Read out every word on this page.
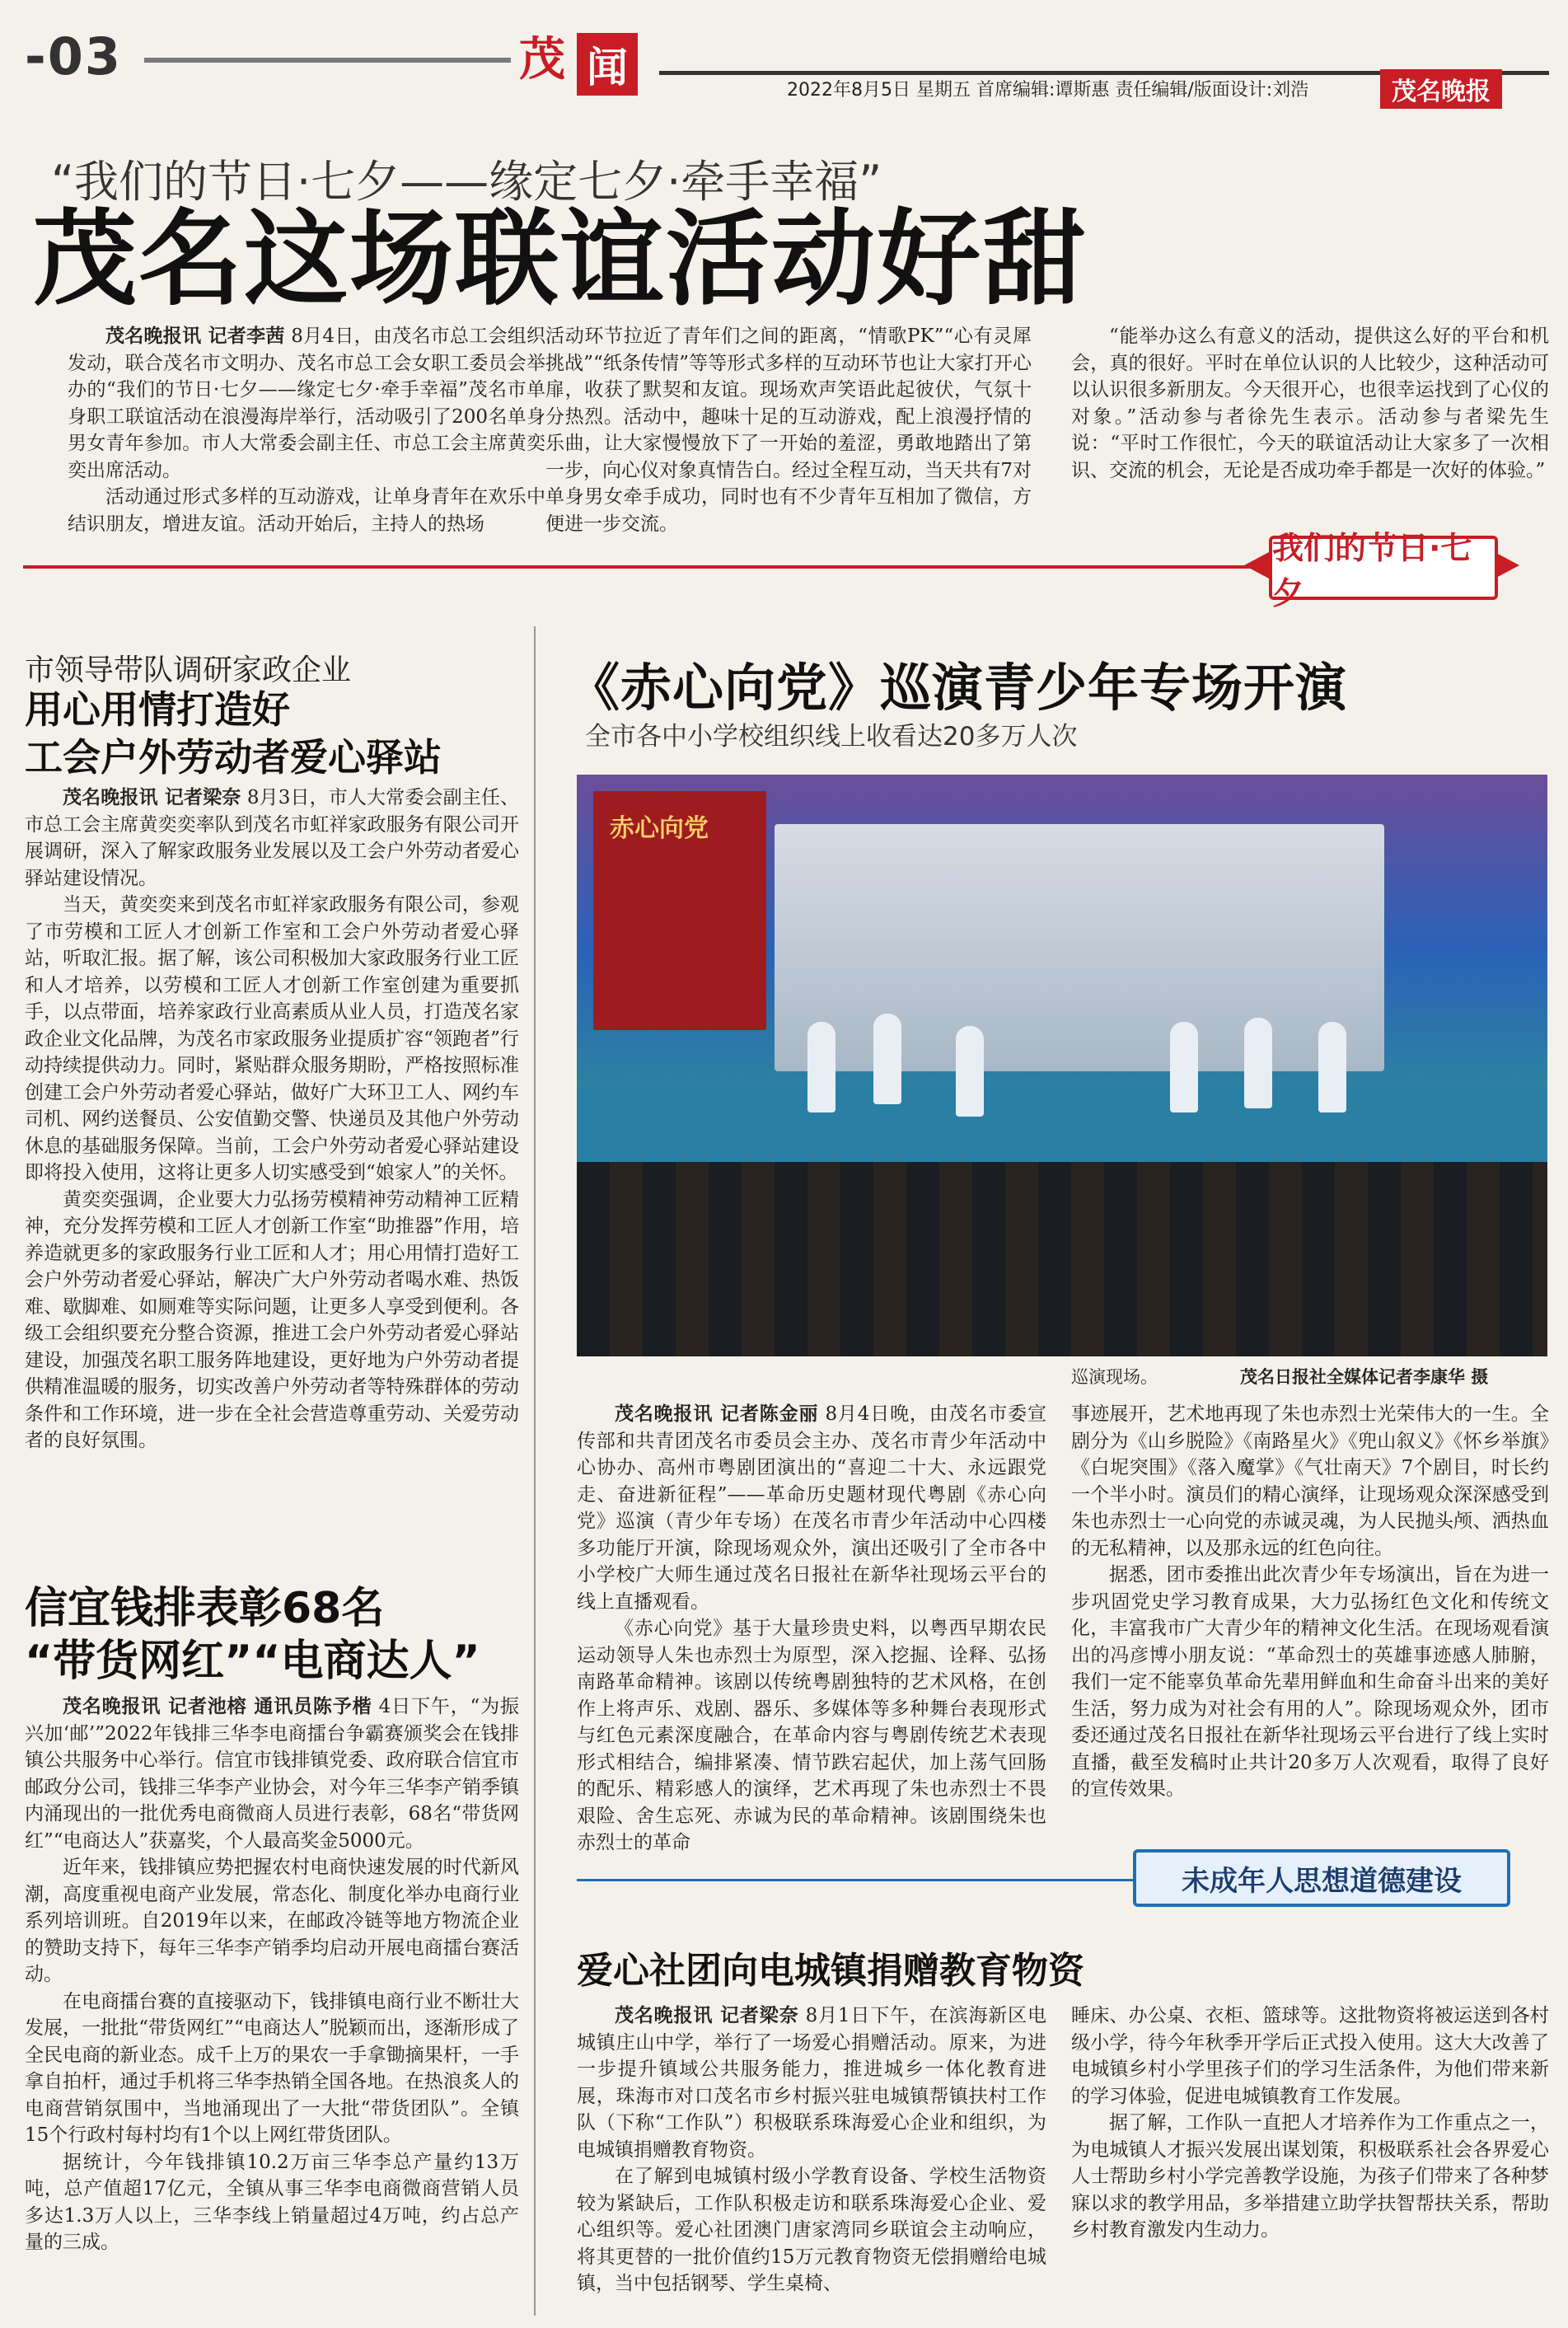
-03	茂 闻	2022年8月5日 星期五 首席编辑:谭斯惠 责任编辑/版面设计:刘浩	茂名晚报
“我们的节日·七夕——缘定七夕·牵手幸福”
茂名这场联谊活动好甜

茂名晚报讯 记者李茜 8月4日，由茂名市总工会组织发动，联合茂名市文明办、茂名市总工会女职工委员会举办的“我们的节日·七夕——缘定七夕·牵手幸福”茂名市单身职工联谊活动在浪漫海岸举行，活动吸引了200名单身男女青年参加。市人大常委会副主任、市总工会主席黄奕奕出席活动。

活动通过形式多样的互动游戏，让单身青年在欢乐中结识朋友，增进友谊。活动开始后，主持人的热场

活动环节拉近了青年们之间的距离，“情歌PK”“心有灵犀挑战”“纸条传情”等等形式多样的互动环节也让大家打开心扉，收获了默契和友谊。现场欢声笑语此起彼伏，气氛十分热烈。活动中，趣味十足的互动游戏，配上浪漫抒情的乐曲，让大家慢慢放下了一开始的羞涩，勇敢地踏出了第一步，向心仪对象真情告白。经过全程互动，当天共有7对单身男女牵手成功，同时也有不少青年互相加了微信，方便进一步交流。

“能举办这么有意义的活动，提供这么好的平台和机会，真的很好。平时在单位认识的人比较少，这种活动可以认识很多新朋友。今天很开心，也很幸运找到了心仪的对象。”活动参与者徐先生表示。活动参与者梁先生说：“平时工作很忙，今天的联谊活动让大家多了一次相识、交流的机会，无论是否成功牵手都是一次好的体验。”

我们的节日·七夕
市领导带队调研家政企业
用心用情打造好
工会户外劳动者爱心驿站

茂名晚报讯 记者梁奈 8月3日，市人大常委会副主任、市总工会主席黄奕奕率队到茂名市虹祥家政服务有限公司开展调研，深入了解家政服务业发展以及工会户外劳动者爱心驿站建设情况。

当天，黄奕奕来到茂名市虹祥家政服务有限公司，参观了市劳模和工匠人才创新工作室和工会户外劳动者爱心驿站，听取汇报。据了解，该公司积极加大家政服务行业工匠和人才培养，以劳模和工匠人才创新工作室创建为重要抓手，以点带面，培养家政行业高素质从业人员，打造茂名家政企业文化品牌，为茂名市家政服务业提质扩容“领跑者”行动持续提供动力。同时，紧贴群众服务期盼，严格按照标准创建工会户外劳动者爱心驿站，做好广大环卫工人、网约车司机、网约送餐员、公安值勤交警、快递员及其他户外劳动休息的基础服务保障。当前，工会户外劳动者爱心驿站建设即将投入使用，这将让更多人切实感受到“娘家人”的关怀。

黄奕奕强调，企业要大力弘扬劳模精神劳动精神工匠精神，充分发挥劳模和工匠人才创新工作室“助推器”作用，培养造就更多的家政服务行业工匠和人才；用心用情打造好工会户外劳动者爱心驿站，解决广大户外劳动者喝水难、热饭难、歇脚难、如厕难等实际问题，让更多人享受到便利。各级工会组织要充分整合资源，推进工会户外劳动者爱心驿站建设，加强茂名职工服务阵地建设，更好地为户外劳动者提供精准温暖的服务，切实改善户外劳动者等特殊群体的劳动条件和工作环境，进一步在全社会营造尊重劳动、关爱劳动者的良好氛围。

信宜钱排表彰68名
“带货网红”“电商达人”

茂名晚报讯 记者池榕 通讯员陈予楷 4日下午，“为振兴加‘邮’”2022年钱排三华李电商擂台争霸赛颁奖会在钱排镇公共服务中心举行。信宜市钱排镇党委、政府联合信宜市邮政分公司，钱排三华李产业协会，对今年三华李产销季镇内涌现出的一批优秀电商微商人员进行表彰，68名“带货网红”“电商达人”获嘉奖，个人最高奖金5000元。

近年来，钱排镇应势把握农村电商快速发展的时代新风潮，高度重视电商产业发展，常态化、制度化举办电商行业系列培训班。自2019年以来，在邮政冷链等地方物流企业的赞助支持下，每年三华李产销季均启动开展电商擂台赛活动。

在电商擂台赛的直接驱动下，钱排镇电商行业不断壮大发展，一批批“带货网红”“电商达人”脱颖而出，逐渐形成了全民电商的新业态。成千上万的果农一手拿锄摘果杆，一手拿自拍杆，通过手机将三华李热销全国各地。在热浪炙人的电商营销氛围中，当地涌现出了一大批“带货团队”。全镇15个行政村每村均有1个以上网红带货团队。

据统计，今年钱排镇10.2万亩三华李总产量约13万吨，总产值超17亿元，全镇从事三华李电商微商营销人员多达1.3万人以上，三华李线上销量超过4万吨，约占总产量的三成。

《赤心向党》巡演青少年专场开演
全市各中小学校组织线上收看达20多万人次
赤心向党
巡演现场。	茂名日报社全媒体记者李康华 摄

茂名晚报讯 记者陈金丽 8月4日晚，由茂名市委宣传部和共青团茂名市委员会主办、茂名市青少年活动中心协办、高州市粤剧团演出的“喜迎二十大、永远跟党走、奋进新征程”——革命历史题材现代粤剧《赤心向党》巡演（青少年专场）在茂名市青少年活动中心四楼多功能厅开演，除现场观众外，演出还吸引了全市各中小学校广大师生通过茂名日报社在新华社现场云平台的线上直播观看。

《赤心向党》基于大量珍贵史料，以粤西早期农民运动领导人朱也赤烈士为原型，深入挖掘、诠释、弘扬南路革命精神。该剧以传统粤剧独特的艺术风格，在创作上将声乐、戏剧、器乐、多媒体等多种舞台表现形式与红色元素深度融合，在革命内容与粤剧传统艺术表现形式相结合，编排紧凑、情节跌宕起伏，加上荡气回肠的配乐、精彩感人的演绎，艺术再现了朱也赤烈士不畏艰险、舍生忘死、赤诚为民的革命精神。该剧围绕朱也赤烈士的革命

事迹展开，艺术地再现了朱也赤烈士光荣伟大的一生。全剧分为《山乡脱险》《南路星火》《兜山叙义》《怀乡举旗》《白坭突围》《落入魔掌》《气壮南天》7个剧目，时长约一个半小时。演员们的精心演绎，让现场观众深深感受到朱也赤烈士一心向党的赤诚灵魂，为人民抛头颅、洒热血的无私精神，以及那永远的红色向往。

据悉，团市委推出此次青少年专场演出，旨在为进一步巩固党史学习教育成果，大力弘扬红色文化和传统文化，丰富我市广大青少年的精神文化生活。在现场观看演出的冯彦博小朋友说：“革命烈士的英雄事迹感人肺腑，我们一定不能辜负革命先辈用鲜血和生命奋斗出来的美好生活，努力成为对社会有用的人”。除现场观众外，团市委还通过茂名日报社在新华社现场云平台进行了线上实时直播，截至发稿时止共计20多万人次观看，取得了良好的宣传效果。

未成年人思想道德建设
爱心社团向电城镇捐赠教育物资

茂名晚报讯 记者梁奈 8月1日下午，在滨海新区电城镇庄山中学，举行了一场爱心捐赠活动。原来，为进一步提升镇域公共服务能力，推进城乡一体化教育进展，珠海市对口茂名市乡村振兴驻电城镇帮镇扶村工作队（下称“工作队”）积极联系珠海爱心企业和组织，为电城镇捐赠教育物资。

在了解到电城镇村级小学教育设备、学校生活物资较为紧缺后，工作队积极走访和联系珠海爱心企业、爱心组织等。爱心社团澳门唐家湾同乡联谊会主动响应，将其更替的一批价值约15万元教育物资无偿捐赠给电城镇，当中包括钢琴、学生桌椅、

睡床、办公桌、衣柜、篮球等。这批物资将被运送到各村级小学，待今年秋季开学后正式投入使用。这大大改善了电城镇乡村小学里孩子们的学习生活条件，为他们带来新的学习体验，促进电城镇教育工作发展。

据了解，工作队一直把人才培养作为工作重点之一，为电城镇人才振兴发展出谋划策，积极联系社会各界爱心人士帮助乡村小学完善教学设施，为孩子们带来了各种梦寐以求的教学用品，多举措建立助学扶智帮扶关系，帮助乡村教育激发内生动力。
